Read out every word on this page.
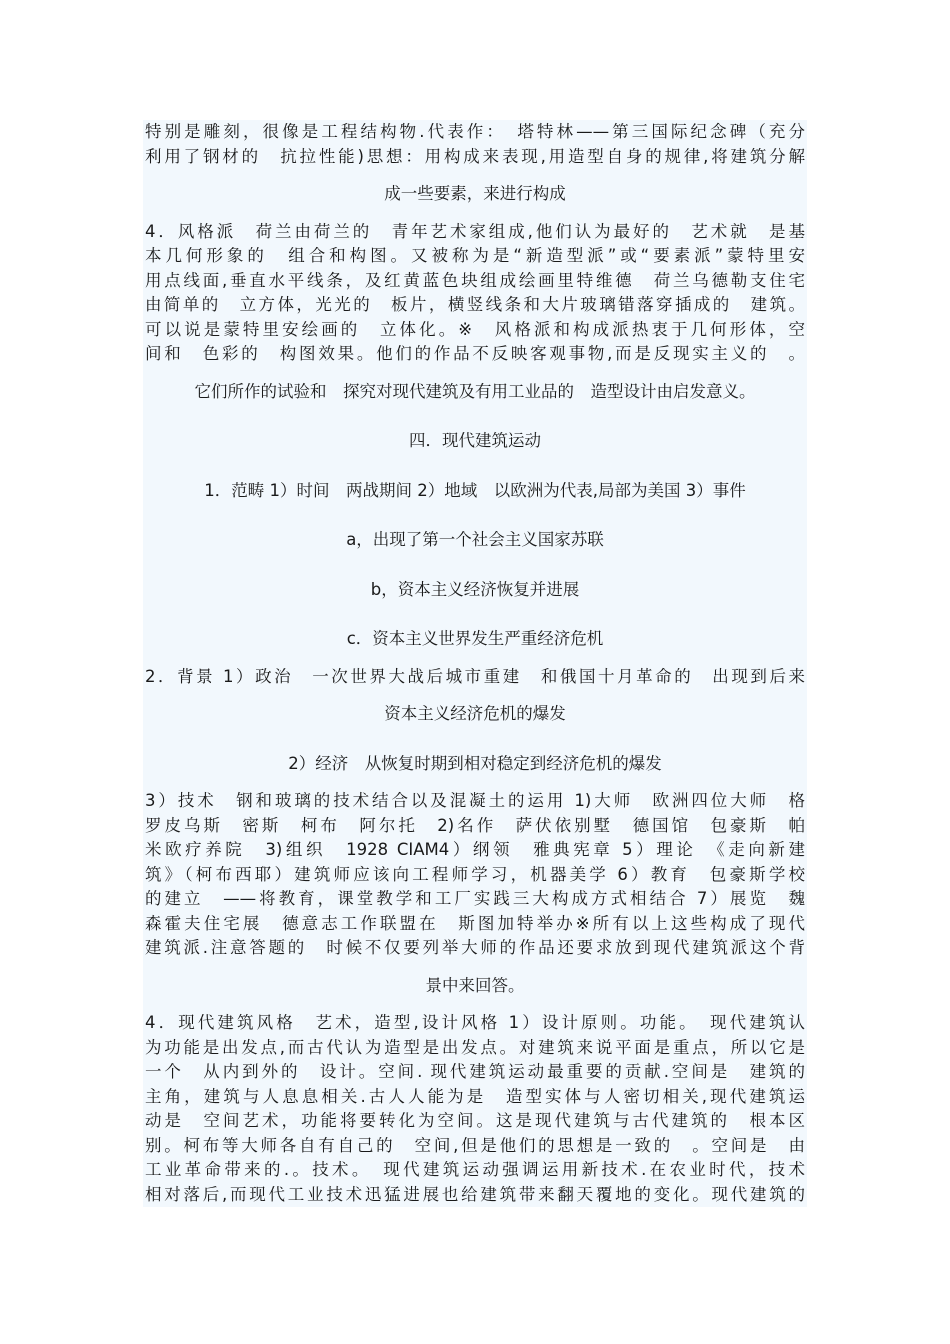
特别是雕刻，很像是工程结构物.代表作：　塔特林——第三国际纪念碑（充分

利用了钢材的　抗拉性能)思想：用构成来表现,用造型自身的规律,将建筑分解

成一些要素，来进行构成

4．风格派　荷兰由荷兰的　青年艺术家组成,他们认为最好的　艺术就　是基

本几何形象的　组合和构图。又被称为是“新造型派”或“要素派”蒙特里安

用点线面,垂直水平线条，及红黄蓝色块组成绘画里特维德　荷兰乌德勒支住宅

由简单的　立方体，光光的　板片，横竖线条和大片玻璃错落穿插成的　建筑。

可以说是蒙特里安绘画的　立体化。※　风格派和构成派热衷于几何形体，空

间和　色彩的　构图效果。他们的作品不反映客观事物,而是反现实主义的　。

它们所作的试验和　探究对现代建筑及有用工业品的　造型设计由启发意义。

四．现代建筑运动

1．范畴 1）时间　两战期间 2）地域　以欧洲为代表,局部为美国 3）事件

a，出现了第一个社会主义国家苏联

b，资本主义经济恢复并进展

c．资本主义世界发生严重经济危机

2．背景 1）政治　一次世界大战后城市重建　和俄国十月革命的　出现到后来

资本主义经济危机的爆发

2）经济　从恢复时期到相对稳定到经济危机的爆发

3）技术　钢和玻璃的技术结合以及混凝土的运用 1)大师　欧洲四位大师　格

罗皮乌斯　密斯　柯布　阿尔托　2)名作　萨伏依别墅　德国馆　包豪斯　帕

米欧疗养院　3)组织　1928 CIAM4）纲领　雅典宪章 5）理论　《走向新建

筑》（柯布西耶）建筑师应该向工程师学习，机器美学 6）教育　包豪斯学校

的建立　——将教育，课堂教学和工厂实践三大构成方式相结合 7）展览　魏

森霍夫住宅展　德意志工作联盟在　斯图加特举办※所有以上这些构成了现代

建筑派.注意答题的　时候不仅要列举大师的作品还要求放到现代建筑派这个背

景中来回答。

4．现代建筑风格　艺术，造型,设计风格 1）设计原则。功能。　现代建筑认

为功能是出发点,而古代认为造型是出发点。对建筑来说平面是重点，所以它是

一个　从内到外的　设计。空间. 现代建筑运动最重要的贡献.空间是　建筑的

主角，建筑与人息息相关.古人人能为是　造型实体与人密切相关,现代建筑运

动是　空间艺术，功能将要转化为空间。这是现代建筑与古代建筑的　根本区

别。柯布等大师各自有自己的　空间,但是他们的思想是一致的　。空间是　由

工业革命带来的.。技术。　现代建筑运动强调运用新技术.在农业时代，技术

相对落后,而现代工业技术迅猛进展也给建筑带来翻天覆地的变化。现代建筑的
